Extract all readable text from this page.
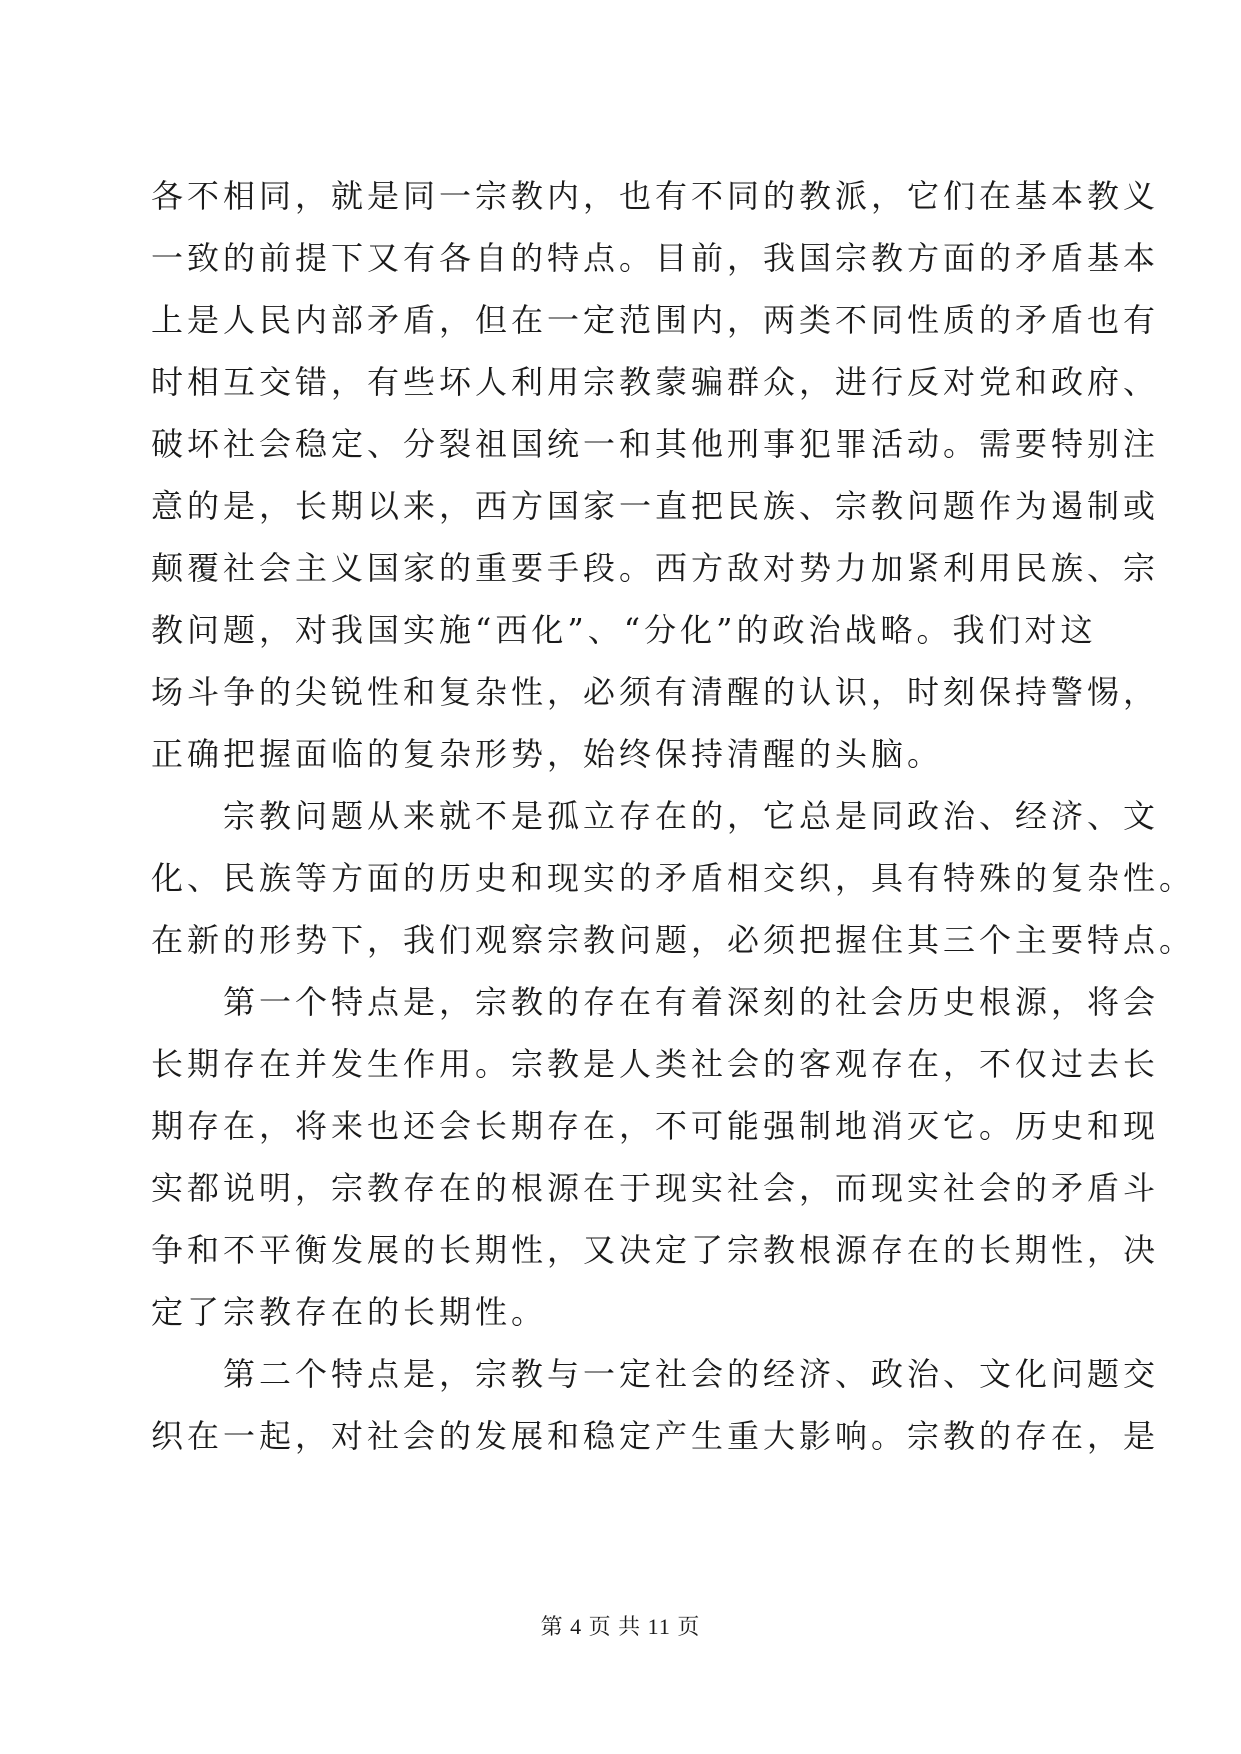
各不相同，就是同一宗教内，也有不同的教派，它们在基本教义
一致的前提下又有各自的特点。目前，我国宗教方面的矛盾基本
上是人民内部矛盾，但在一定范围内，两类不同性质的矛盾也有
时相互交错，有些坏人利用宗教蒙骗群众，进行反对党和政府、
破坏社会稳定、分裂祖国统一和其他刑事犯罪活动。需要特别注
意的是，长期以来，西方国家一直把民族、宗教问题作为遏制或
颠覆社会主义国家的重要手段。西方敌对势力加紧利用民族、宗
教问题，对我国实施“西化”、“分化”的政治战略。我们对这
场斗争的尖锐性和复杂性，必须有清醒的认识，时刻保持警惕，
正确把握面临的复杂形势，始终保持清醒的头脑。
　　宗教问题从来就不是孤立存在的，它总是同政治、经济、文
化、民族等方面的历史和现实的矛盾相交织，具有特殊的复杂性。
在新的形势下，我们观察宗教问题，必须把握住其三个主要特点。
　　第一个特点是，宗教的存在有着深刻的社会历史根源，将会
长期存在并发生作用。宗教是人类社会的客观存在，不仅过去长
期存在，将来也还会长期存在，不可能强制地消灭它。历史和现
实都说明，宗教存在的根源在于现实社会，而现实社会的矛盾斗
争和不平衡发展的长期性，又决定了宗教根源存在的长期性，决
定了宗教存在的长期性。
　　第二个特点是，宗教与一定社会的经济、政治、文化问题交
织在一起，对社会的发展和稳定产生重大影响。宗教的存在，是
第 4 页 共 11 页
